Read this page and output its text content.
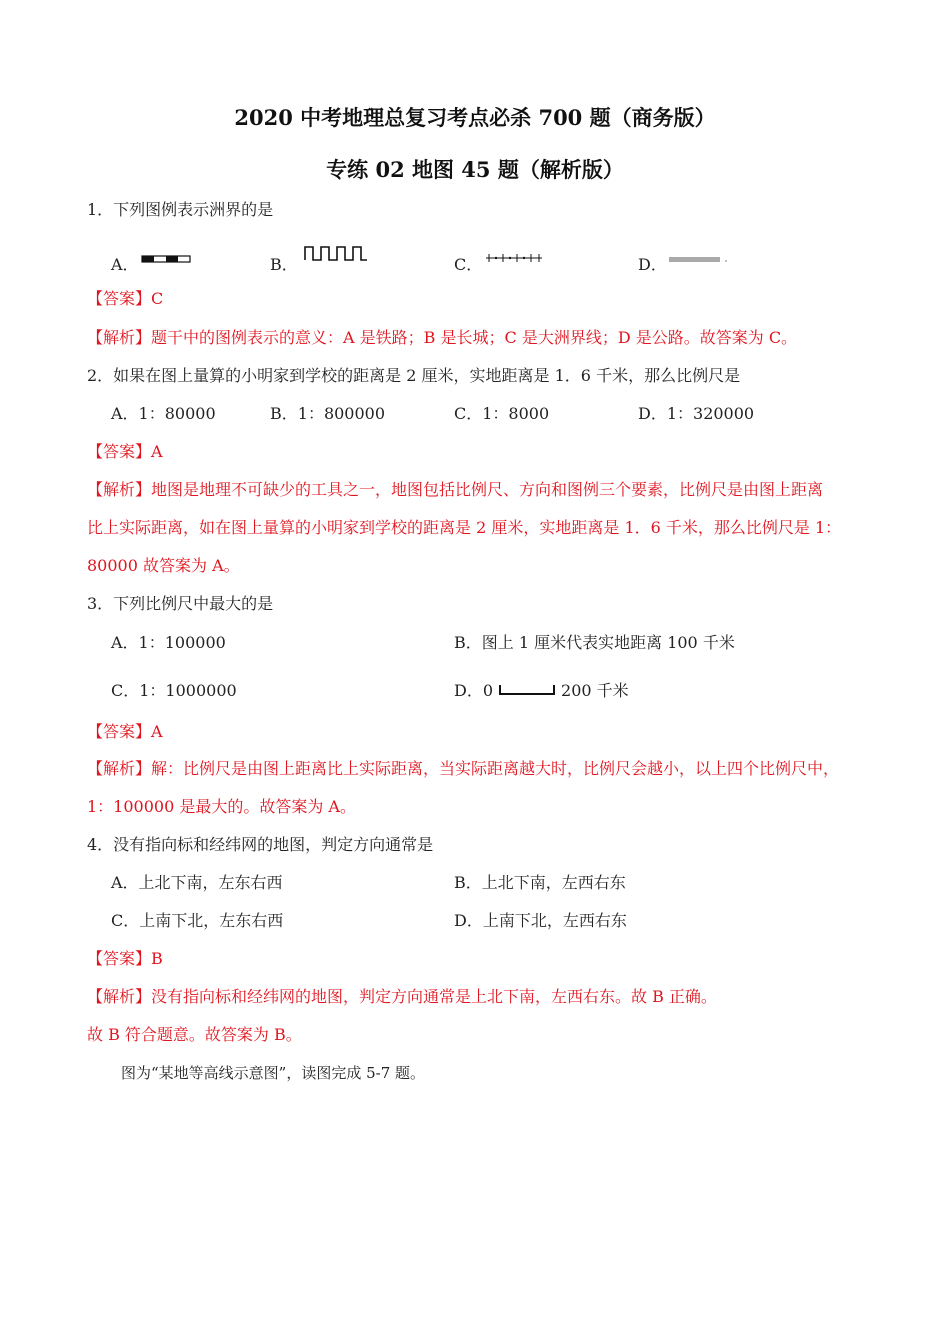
2020 中考地理总复习考点必杀 700 题（商务版）
专练 02 地图 45 题（解析版）
1．下列图例表示洲界的是
A．	B．	C．	D．
【答案】C
【解析】题干中的图例表示的意义：A 是铁路；B 是长城；C 是大洲界线；D 是公路。故答案为 C。
2．如果在图上量算的小明家到学校的距离是 2 厘米，实地距离是 1．6 千米，那么比例尺是
A．1：80000	B．1：800000	C．1：8000	D．1：320000
【答案】A
【解析】地图是地理不可缺少的工具之一，地图包括比例尺、方向和图例三个要素，比例尺是由图上距离
比上实际距离，如在图上量算的小明家到学校的距离是 2 厘米，实地距离是 1．6 千米，那么比例尺是 1：
80000 故答案为 A。
3．下列比例尺中最大的是
A．1：100000	B．图上 1 厘米代表实地距离 100 千米
C．1：1000000	D．0	200 千米
【答案】A
【解析】解：比例尺是由图上距离比上实际距离，当实际距离越大时，比例尺会越小，以上四个比例尺中，
1：100000 是最大的。故答案为 A。
4．没有指向标和经纬网的地图，判定方向通常是
A．上北下南，左东右西	B．上北下南，左西右东
C．上南下北，左东右西	D．上南下北，左西右东
【答案】B
【解析】没有指向标和经纬网的地图，判定方向通常是上北下南，左西右东。故 B 正确。
故 B 符合题意。故答案为 B。
图为“某地等高线示意图”，读图完成 5-7 题。
